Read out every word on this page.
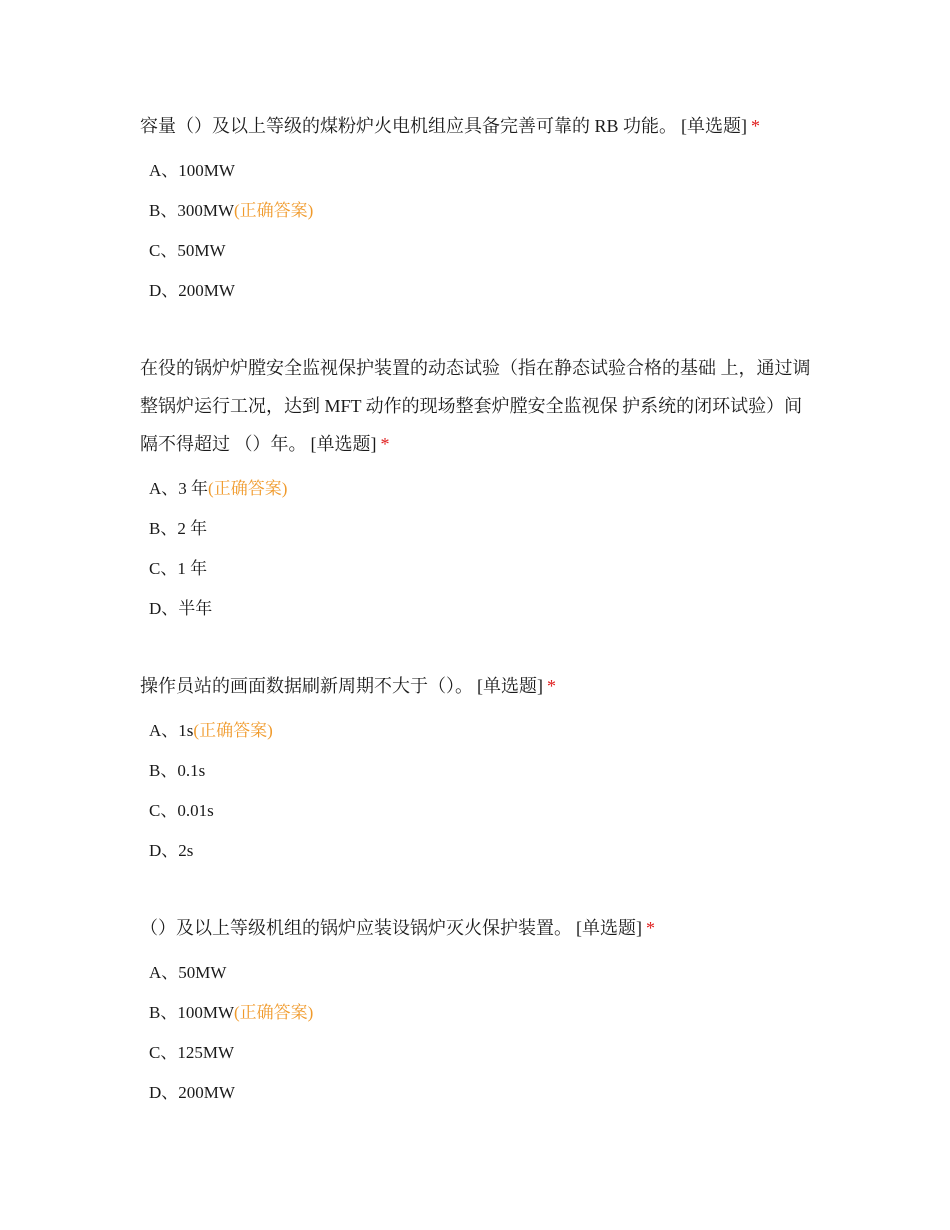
容量（）及以上等级的煤粉炉火电机组应具备完善可靠的 RB 功能。 [单选题] *

A、100MW
B、300MW(正确答案)
C、50MW
D、200MW

在役的锅炉炉膛安全监视保护装置的动态试验（指在静态试验合格的基础 上，通过调整锅炉运行工况，达到 MFT 动作的现场整套炉膛安全监视保 护系统的闭环试验）间隔不得超过 （）年。 [单选题] *

A、3 年(正确答案)
B、2 年
C、1 年
D、半年

操作员站的画面数据刷新周期不大于（）。 [单选题] *

A、1s(正确答案)
B、0.1s
C、0.01s
D、2s

（）及以上等级机组的锅炉应装设锅炉灭火保护装置。 [单选题] *

A、50MW
B、100MW(正确答案)
C、125MW
D、200MW
